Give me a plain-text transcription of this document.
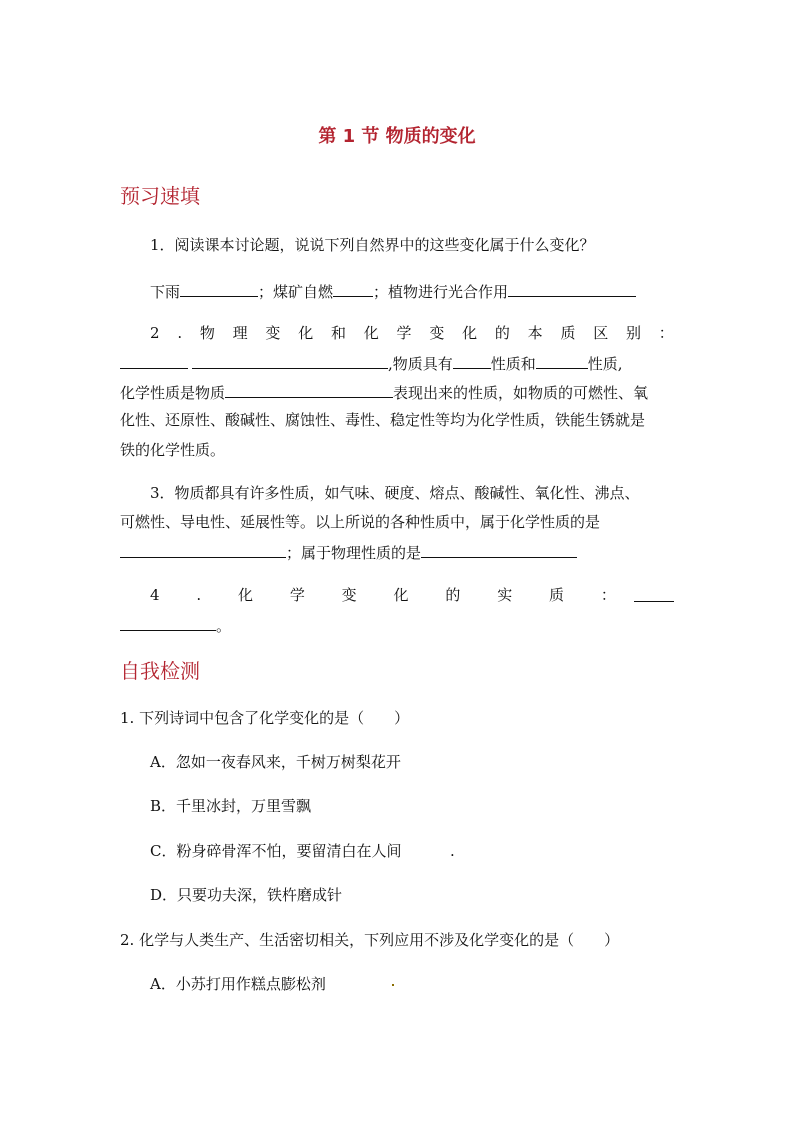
第 1 节 物质的变化
预习速填
1．阅读课本讨论题，说说下列自然界中的这些变化属于什么变化？
下雨	；煤矿自燃	；植物进行光合作用
2 . 物 理 变 化 和 化 学 变 化 的 本 质 区 别 ：
,物质具有	性质和	性质,
化学性质是物质	表现出来的性质，如物质的可燃性、氧
化性、还原性、酸碱性、腐蚀性、毒性、稳定性等均为化学性质，铁能生锈就是
铁的化学性质。
3．物质都具有许多性质，如气味、硬度、熔点、酸碱性、氧化性、沸点、
可燃性、导电性、延展性等。以上所说的各种性质中，属于化学性质的是
；属于物理性质的是
4 . 化 学 变 化 的 实 质 ：
。
自我检测
1. 下列诗词中包含了化学变化的是（　　）
A．忽如一夜春风来，千树万树梨花开
B．千里冰封，万里雪飘
C．粉身碎骨浑不怕，要留清白在人间	.
D．只要功夫深，铁杵磨成针
2. 化学与人类生产、生活密切相关，下列应用不涉及化学变化的是（　　）
A．小苏打用作糕点膨松剂
